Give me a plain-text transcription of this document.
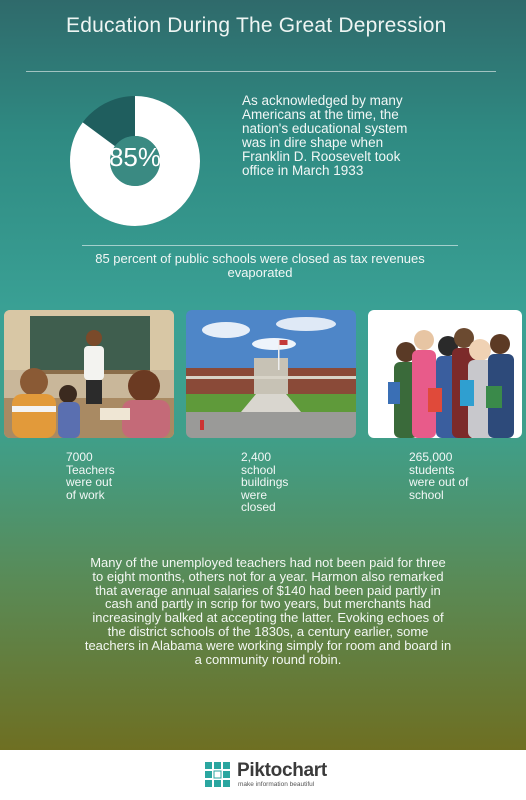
Education During The Great Depression
85%
As acknowledged by many Americans at the time, the nation's educational system was in dire shape when Franklin D. Roosevelt took office in March 1933
85 percent of public schools were closed as tax revenues evaporated
7000
Teachers
were out
of work
2,400
school
buildings
were
closed
265,000
students
were out of
school
Many of the unemployed teachers had not been paid for three to eight months, others not for a year. Harmon also remarked that average annual salaries of $140 had been paid partly in cash and partly in scrip for two years, but merchants had increasingly balked at accepting the latter. Evoking echoes of the district schools of the 1830s, a century earlier, some teachers in Alabama were working simply for room and board in a community round robin.
Piktochart
make information beautiful
